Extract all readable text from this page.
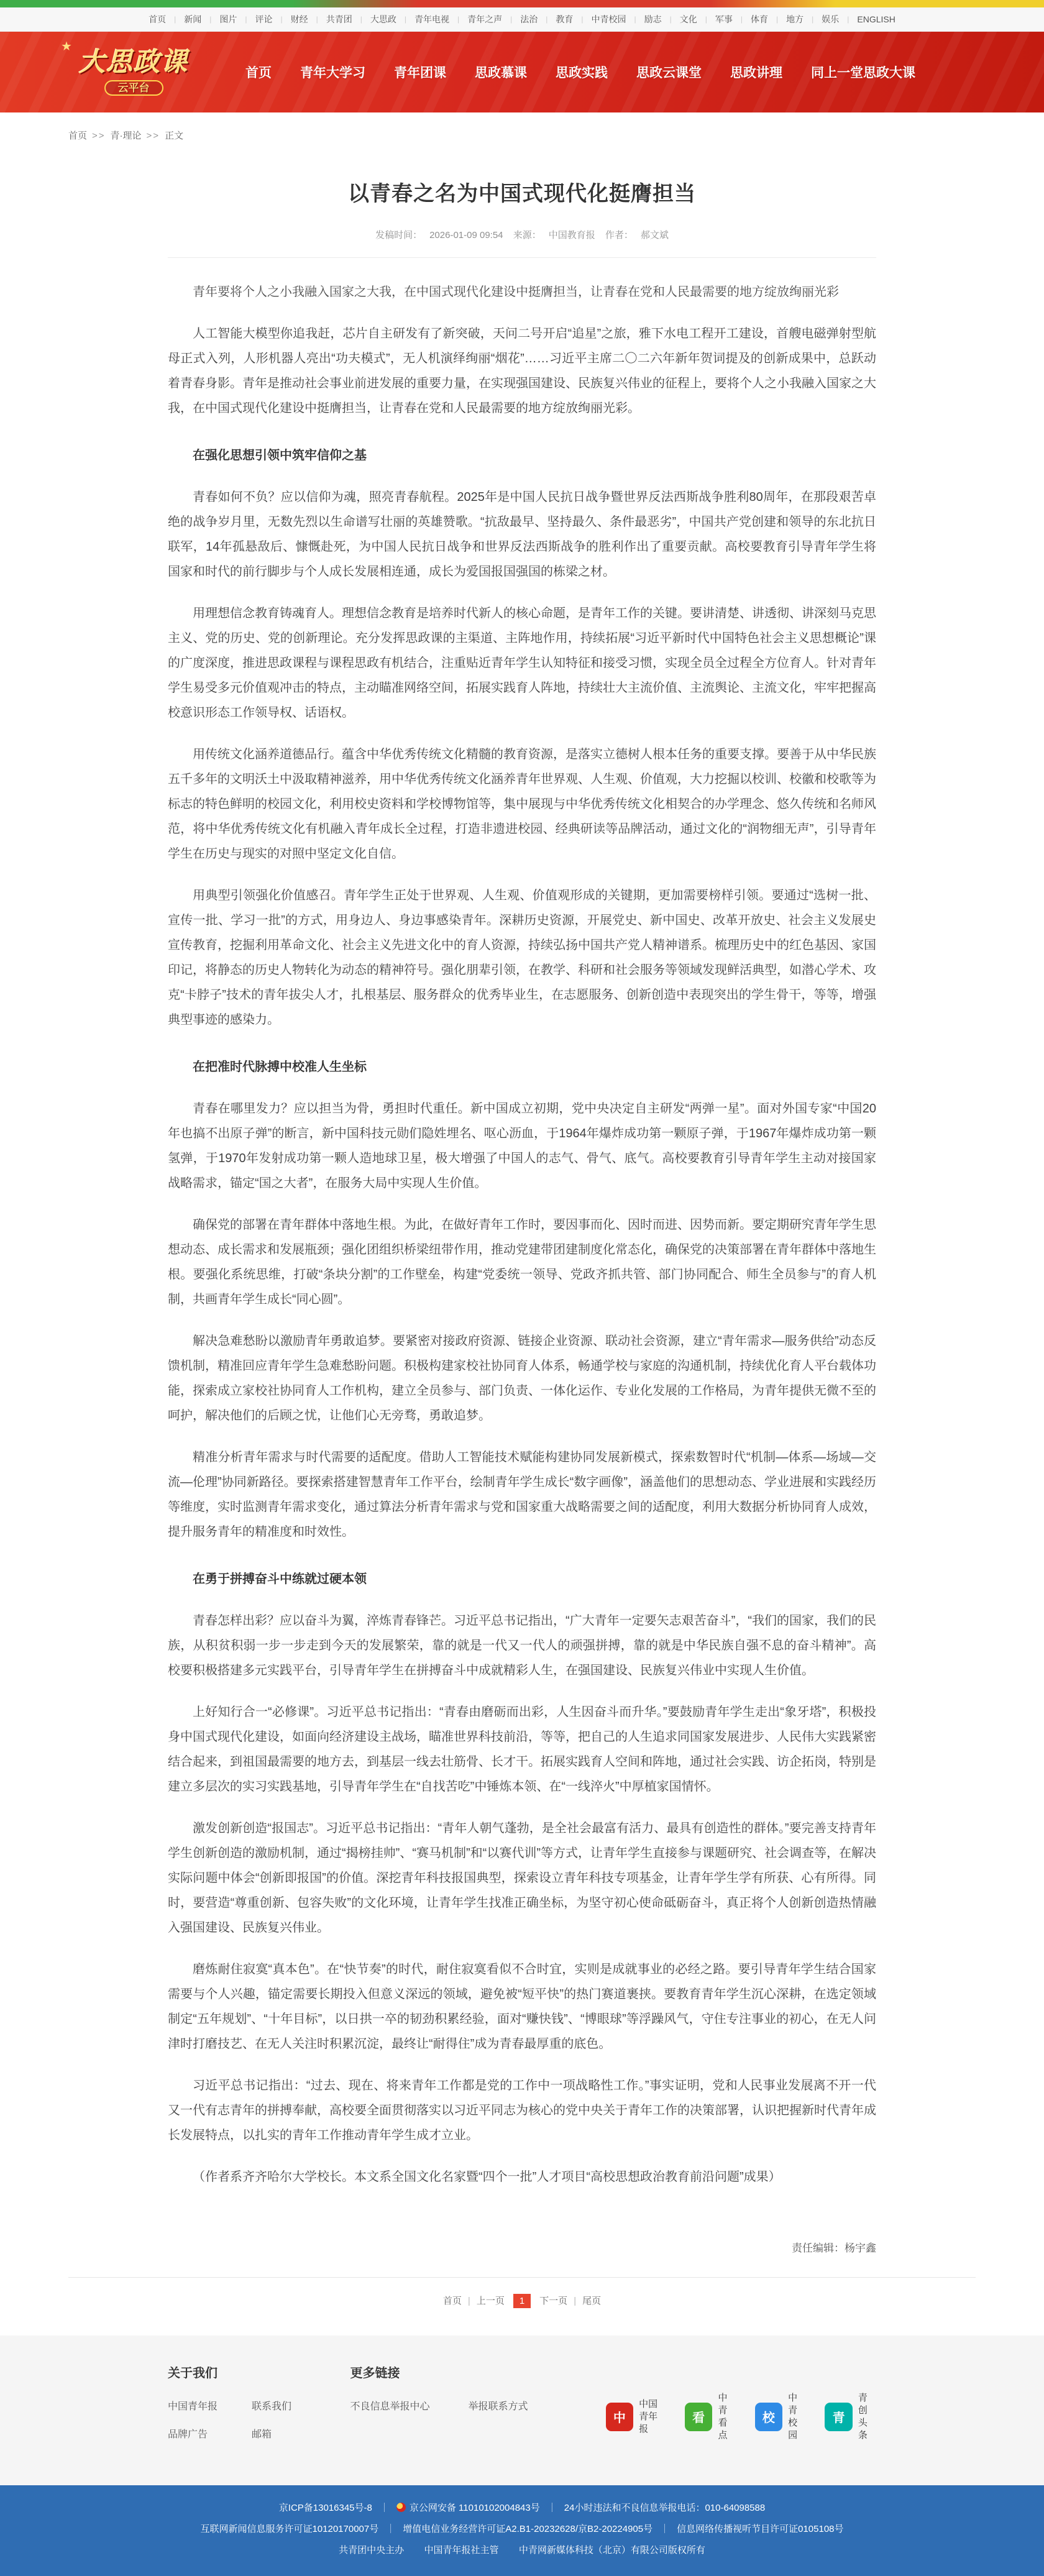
首页	| 新闻	| 图片	| 评论	| 财经	| 共青团	| 大思政	| 青年电视	| 青年之声	| 法治	| 教育	| 中青校园	| 励志	| 文化	| 军事	| 体育	| 地方	| 娱乐	| ENGLISH
★
大思政课
云平台
首页 青年大学习 青年团课 思政慕课 思政实践 思政云课堂 思政讲理 同上一堂思政大课
首页 >> 青·理论 >> 正文
以青春之名为中国式现代化挺膺担当
发稿时间： 2026-01-09 09:54 来源： 中国教育报 作者： 郝文斌

青年要将个人之小我融入国家之大我，在中国式现代化建设中挺膺担当，让青春在党和人民最需要的地方绽放绚丽光彩

人工智能大模型你追我赶，芯片自主研发有了新突破，天问二号开启“追星”之旅，雅下水电工程开工建设，首艘电磁弹射型航母正式入列，人形机器人亮出“功夫模式”，无人机演绎绚丽“烟花”……习近平主席二〇二六年新年贺词提及的创新成果中，总跃动着青春身影。青年是推动社会事业前进发展的重要力量，在实现强国建设、民族复兴伟业的征程上，要将个人之小我融入国家之大我，在中国式现代化建设中挺膺担当，让青春在党和人民最需要的地方绽放绚丽光彩。

在强化思想引领中筑牢信仰之基

青春如何不负？应以信仰为魂，照亮青春航程。2025年是中国人民抗日战争暨世界反法西斯战争胜利80周年，在那段艰苦卓绝的战争岁月里，无数先烈以生命谱写壮丽的英雄赞歌。“抗敌最早、坚持最久、条件最恶劣”，中国共产党创建和领导的东北抗日联军，14年孤悬敌后、慷慨赴死，为中国人民抗日战争和世界反法西斯战争的胜利作出了重要贡献。高校要教育引导青年学生将国家和时代的前行脚步与个人成长发展相连通，成长为爱国报国强国的栋梁之材。

用理想信念教育铸魂育人。理想信念教育是培养时代新人的核心命题，是青年工作的关键。要讲清楚、讲透彻、讲深刻马克思主义、党的历史、党的创新理论。充分发挥思政课的主渠道、主阵地作用，持续拓展“习近平新时代中国特色社会主义思想概论”课的广度深度，推进思政课程与课程思政有机结合，注重贴近青年学生认知特征和接受习惯，实现全员全过程全方位育人。针对青年学生易受多元价值观冲击的特点，主动瞄准网络空间，拓展实践育人阵地，持续壮大主流价值、主流舆论、主流文化，牢牢把握高校意识形态工作领导权、话语权。

用传统文化涵养道德品行。蕴含中华优秀传统文化精髓的教育资源，是落实立德树人根本任务的重要支撑。要善于从中华民族五千多年的文明沃土中汲取精神滋养，用中华优秀传统文化涵养青年世界观、人生观、价值观，大力挖掘以校训、校徽和校歌等为标志的特色鲜明的校园文化，利用校史资料和学校博物馆等，集中展现与中华优秀传统文化相契合的办学理念、悠久传统和名师风范，将中华优秀传统文化有机融入青年成长全过程，打造非遗进校园、经典研读等品牌活动，通过文化的“润物细无声”，引导青年学生在历史与现实的对照中坚定文化自信。

用典型引领强化价值感召。青年学生正处于世界观、人生观、价值观形成的关键期，更加需要榜样引领。要通过“选树一批、宣传一批、学习一批”的方式，用身边人、身边事感染青年。深耕历史资源，开展党史、新中国史、改革开放史、社会主义发展史宣传教育，挖掘利用革命文化、社会主义先进文化中的育人资源，持续弘扬中国共产党人精神谱系。梳理历史中的红色基因、家国印记，将静态的历史人物转化为动态的精神符号。强化朋辈引领，在教学、科研和社会服务等领域发现鲜活典型，如潜心学术、攻克“卡脖子”技术的青年拔尖人才，扎根基层、服务群众的优秀毕业生，在志愿服务、创新创造中表现突出的学生骨干，等等，增强典型事迹的感染力。

在把准时代脉搏中校准人生坐标

青春在哪里发力？应以担当为骨，勇担时代重任。新中国成立初期，党中央决定自主研发“两弹一星”。面对外国专家“中国20年也搞不出原子弹”的断言，新中国科技元勋们隐姓埋名、呕心沥血，于1964年爆炸成功第一颗原子弹，于1967年爆炸成功第一颗氢弹，于1970年发射成功第一颗人造地球卫星，极大增强了中国人的志气、骨气、底气。高校要教育引导青年学生主动对接国家战略需求，锚定“国之大者”，在服务大局中实现人生价值。

确保党的部署在青年群体中落地生根。为此，在做好青年工作时，要因事而化、因时而进、因势而新。要定期研究青年学生思想动态、成长需求和发展瓶颈；强化团组织桥梁纽带作用，推动党建带团建制度化常态化，确保党的决策部署在青年群体中落地生根。要强化系统思维，打破“条块分割”的工作壁垒，构建“党委统一领导、党政齐抓共管、部门协同配合、师生全员参与”的育人机制，共画青年学生成长“同心圆”。

解决急难愁盼以激励青年勇敢追梦。要紧密对接政府资源、链接企业资源、联动社会资源，建立“青年需求—服务供给”动态反馈机制，精准回应青年学生急难愁盼问题。积极构建家校社协同育人体系，畅通学校与家庭的沟通机制，持续优化育人平台载体功能，探索成立家校社协同育人工作机构，建立全员参与、部门负责、一体化运作、专业化发展的工作格局，为青年提供无微不至的呵护，解决他们的后顾之忧，让他们心无旁骛，勇敢追梦。

精准分析青年需求与时代需要的适配度。借助人工智能技术赋能构建协同发展新模式，探索数智时代“机制—体系—场域—交流—伦理”协同新路径。要探索搭建智慧青年工作平台，绘制青年学生成长“数字画像”，涵盖他们的思想动态、学业进展和实践经历等维度，实时监测青年需求变化，通过算法分析青年需求与党和国家重大战略需要之间的适配度，利用大数据分析协同育人成效，提升服务青年的精准度和时效性。

在勇于拼搏奋斗中练就过硬本领

青春怎样出彩？应以奋斗为翼，淬炼青春锋芒。习近平总书记指出，“广大青年一定要矢志艰苦奋斗”，“我们的国家，我们的民族，从积贫积弱一步一步走到今天的发展繁荣，靠的就是一代又一代人的顽强拼搏，靠的就是中华民族自强不息的奋斗精神”。高校要积极搭建多元实践平台，引导青年学生在拼搏奋斗中成就精彩人生，在强国建设、民族复兴伟业中实现人生价值。

上好知行合一“必修课”。习近平总书记指出：“青春由磨砺而出彩，人生因奋斗而升华。”要鼓励青年学生走出“象牙塔”，积极投身中国式现代化建设，如面向经济建设主战场，瞄准世界科技前沿，等等，把自己的人生追求同国家发展进步、人民伟大实践紧密结合起来，到祖国最需要的地方去，到基层一线去壮筋骨、长才干。拓展实践育人空间和阵地，通过社会实践、访企拓岗，特别是建立多层次的实习实践基地，引导青年学生在“自找苦吃”中锤炼本领、在“一线淬火”中厚植家国情怀。

激发创新创造“报国志”。习近平总书记指出：“青年人朝气蓬勃，是全社会最富有活力、最具有创造性的群体。”要完善支持青年学生创新创造的激励机制，通过“揭榜挂帅”、“赛马机制”和“以赛代训”等方式，让青年学生直接参与课题研究、社会调查等，在解决实际问题中体会“创新即报国”的价值。深挖青年科技报国典型，探索设立青年科技专项基金，让青年学生学有所获、心有所得。同时，要营造“尊重创新、包容失败”的文化环境，让青年学生找准正确坐标，为坚守初心使命砥砺奋斗，真正将个人创新创造热情融入强国建设、民族复兴伟业。

磨炼耐住寂寞“真本色”。在“快节奏”的时代，耐住寂寞看似不合时宜，实则是成就事业的必经之路。要引导青年学生结合国家需要与个人兴趣，锚定需要长期投入但意义深远的领域，避免被“短平快”的热门赛道裹挟。要教育青年学生沉心深耕，在选定领域制定“五年规划”、“十年目标”，以日拱一卒的韧劲积累经验，面对“赚快钱”、“博眼球”等浮躁风气，守住专注事业的初心，在无人问津时打磨技艺、在无人关注时积累沉淀，最终让“耐得住”成为青春最厚重的底色。

习近平总书记指出：“过去、现在、将来青年工作都是党的工作中一项战略性工作。”事实证明，党和人民事业发展离不开一代又一代有志青年的拼搏奉献，高校要全面贯彻落实以习近平同志为核心的党中央关于青年工作的决策部署，认识把握新时代青年成长发展特点，以扎实的青年工作推动青年学生成才立业。

（作者系齐齐哈尔大学校长。本文系全国文化名家暨“四个一批”人才项目“高校思想政治教育前沿问题”成果）

责任编辑：杨宇鑫
首页 | 上一页 1 下一页 | 尾页
关于我们
中国青年报	联系我们
品牌广告	邮箱
更多链接
不良信息举报中心	举报联系方式
中
中国
青年报
看
中青
看点
校
中青
校园
青
青创
头条
京ICP备13016345号-8 ｜ 京公网安备 11010102004843号 ｜ 24小时违法和不良信息举报电话：010-64098588
互联网新闻信息服务许可证10120170007号 ｜ 增值电信业务经营许可证A2.B1-20232628/京B2-20224905号 ｜ 信息网络传播视听节目许可证0105108号
共青团中央主办 中国青年报社主管 中青网新媒体科技（北京）有限公司版权所有
